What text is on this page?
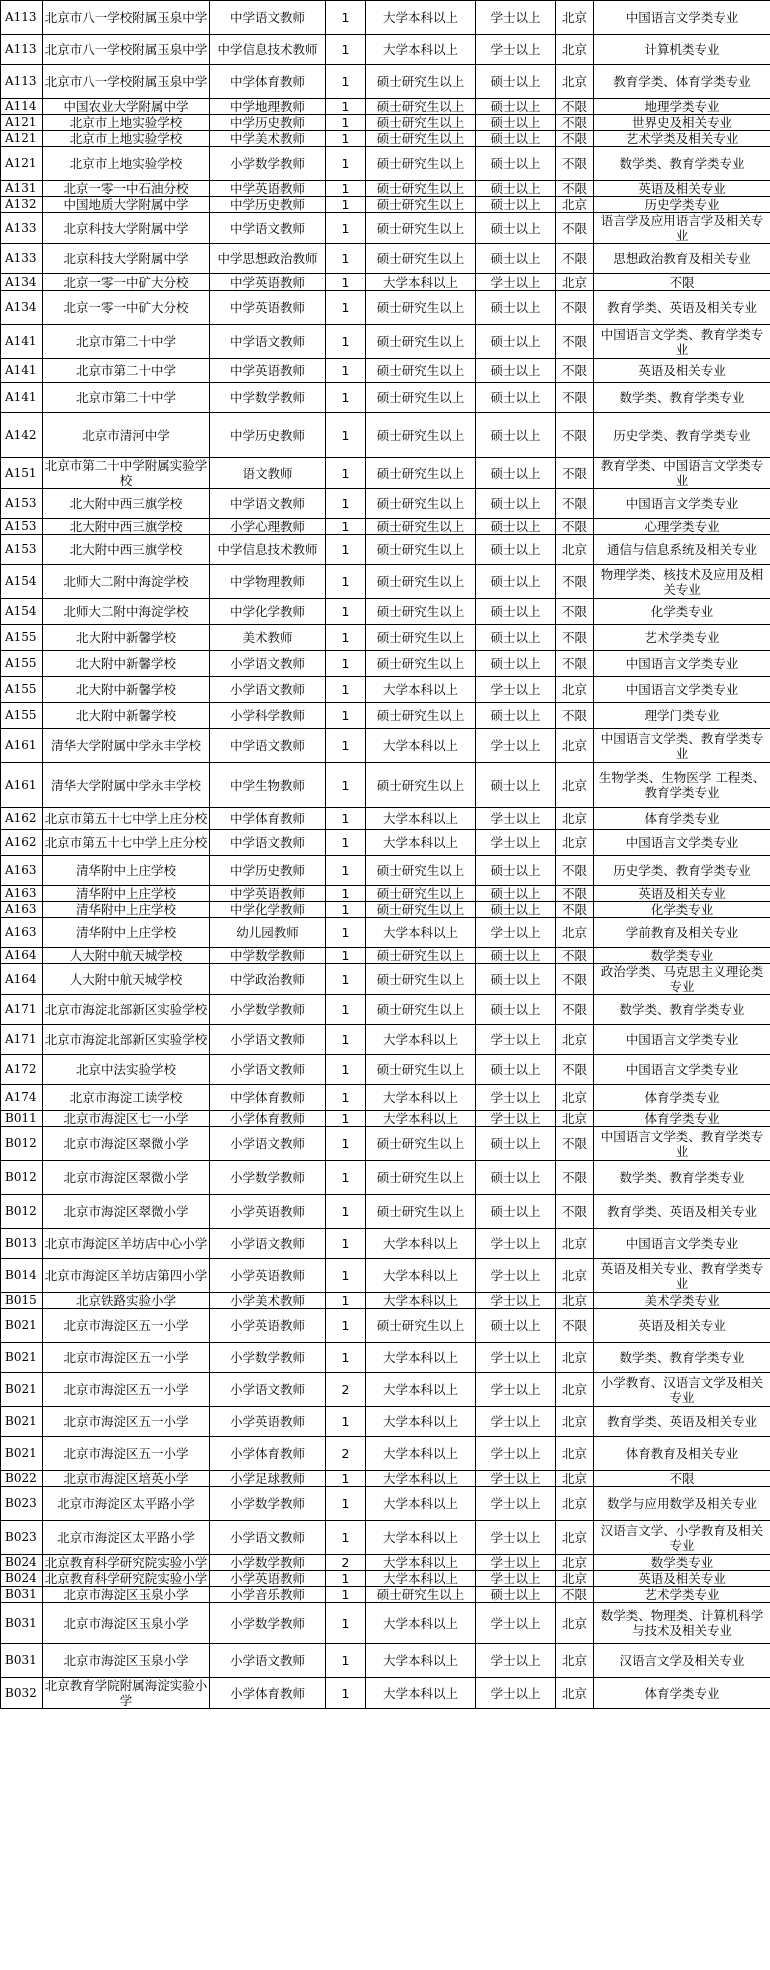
A113	北京市八一学校附属玉泉中学	中学语文教师	1	大学本科以上	学士以上	北京	中国语言文学类专业
A113	北京市八一学校附属玉泉中学	中学信息技术教师	1	大学本科以上	学士以上	北京	计算机类专业
A113	北京市八一学校附属玉泉中学	中学体育教师	1	硕士研究生以上	硕士以上	北京	教育学类、体育学类专业
A114	中国农业大学附属中学	中学地理教师	1	硕士研究生以上	硕士以上	不限	地理学类专业
A121	北京市上地实验学校	中学历史教师	1	硕士研究生以上	硕士以上	不限	世界史及相关专业
A121	北京市上地实验学校	中学美术教师	1	硕士研究生以上	硕士以上	不限	艺术学类及相关专业
A121	北京市上地实验学校	小学数学教师	1	硕士研究生以上	硕士以上	不限	数学类、教育学类专业
A131	北京一零一中石油分校	中学英语教师	1	硕士研究生以上	硕士以上	不限	英语及相关专业
A132	中国地质大学附属中学	中学历史教师	1	硕士研究生以上	硕士以上	北京	历史学类专业
A133	北京科技大学附属中学	中学语文教师	1	硕士研究生以上	硕士以上	不限	语言学及应用语言学及相关专业
A133	北京科技大学附属中学	中学思想政治教师	1	硕士研究生以上	硕士以上	不限	思想政治教育及相关专业
A134	北京一零一中矿大分校	中学英语教师	1	大学本科以上	学士以上	北京	不限
A134	北京一零一中矿大分校	中学英语教师	1	硕士研究生以上	硕士以上	不限	教育学类、英语及相关专业
A141	北京市第二十中学	中学语文教师	1	硕士研究生以上	硕士以上	不限	中国语言文学类、教育学类专业
A141	北京市第二十中学	中学英语教师	1	硕士研究生以上	硕士以上	不限	英语及相关专业
A141	北京市第二十中学	中学数学教师	1	硕士研究生以上	硕士以上	不限	数学类、教育学类专业
A142	北京市清河中学	中学历史教师	1	硕士研究生以上	硕士以上	不限	历史学类、教育学类专业
A151	北京市第二十中学附属实验学校	语文教师	1	硕士研究生以上	硕士以上	不限	教育学类、中国语言文学类专业
A153	北大附中西三旗学校	中学语文教师	1	硕士研究生以上	硕士以上	不限	中国语言文学类专业
A153	北大附中西三旗学校	小学心理教师	1	硕士研究生以上	硕士以上	不限	心理学类专业
A153	北大附中西三旗学校	中学信息技术教师	1	硕士研究生以上	硕士以上	北京	通信与信息系统及相关专业
A154	北师大二附中海淀学校	中学物理教师	1	硕士研究生以上	硕士以上	不限	物理学类、核技术及应用及相关专业
A154	北师大二附中海淀学校	中学化学教师	1	硕士研究生以上	硕士以上	不限	化学类专业
A155	北大附中新馨学校	美术教师	1	硕士研究生以上	硕士以上	不限	艺术学类专业
A155	北大附中新馨学校	小学语文教师	1	硕士研究生以上	硕士以上	不限	中国语言文学类专业
A155	北大附中新馨学校	小学语文教师	1	大学本科以上	学士以上	北京	中国语言文学类专业
A155	北大附中新馨学校	小学科学教师	1	硕士研究生以上	硕士以上	不限	理学门类专业
A161	清华大学附属中学永丰学校	中学语文教师	1	大学本科以上	学士以上	北京	中国语言文学类、教育学类专业
A161	清华大学附属中学永丰学校	中学生物教师	1	硕士研究生以上	硕士以上	北京	生物学类、生物医学 工程类、教育学类专业
A162	北京市第五十七中学上庄分校	中学体育教师	1	大学本科以上	学士以上	北京	体育学类专业
A162	北京市第五十七中学上庄分校	中学语文教师	1	大学本科以上	学士以上	北京	中国语言文学类专业
A163	清华附中上庄学校	中学历史教师	1	硕士研究生以上	硕士以上	不限	历史学类、教育学类专业
A163	清华附中上庄学校	中学英语教师	1	硕士研究生以上	硕士以上	不限	英语及相关专业
A163	清华附中上庄学校	中学化学教师	1	硕士研究生以上	硕士以上	不限	化学类专业
A163	清华附中上庄学校	幼儿园教师	1	大学本科以上	学士以上	北京	学前教育及相关专业
A164	人大附中航天城学校	中学数学教师	1	硕士研究生以上	硕士以上	不限	数学类专业
A164	人大附中航天城学校	中学政治教师	1	硕士研究生以上	硕士以上	不限	政治学类、马克思主义理论类专业
A171	北京市海淀北部新区实验学校	小学数学教师	1	硕士研究生以上	硕士以上	不限	数学类、教育学类专业
A171	北京市海淀北部新区实验学校	小学语文教师	1	大学本科以上	学士以上	北京	中国语言文学类专业
A172	北京中法实验学校	小学语文教师	1	硕士研究生以上	硕士以上	不限	中国语言文学类专业
A174	北京市海淀工读学校	中学体育教师	1	大学本科以上	学士以上	北京	体育学类专业
B011	北京市海淀区七一小学	小学体育教师	1	大学本科以上	学士以上	北京	体育学类专业
B012	北京市海淀区翠微小学	小学语文教师	1	硕士研究生以上	硕士以上	不限	中国语言文学类、教育学类专业
B012	北京市海淀区翠微小学	小学数学教师	1	硕士研究生以上	硕士以上	不限	数学类、教育学类专业
B012	北京市海淀区翠微小学	小学英语教师	1	硕士研究生以上	硕士以上	不限	教育学类、英语及相关专业
B013	北京市海淀区羊坊店中心小学	小学语文教师	1	大学本科以上	学士以上	北京	中国语言文学类专业
B014	北京市海淀区羊坊店第四小学	小学英语教师	1	大学本科以上	学士以上	北京	英语及相关专业、教育学类专业
B015	北京铁路实验小学	小学美术教师	1	大学本科以上	学士以上	北京	美术学类专业
B021	北京市海淀区五一小学	小学英语教师	1	硕士研究生以上	硕士以上	不限	英语及相关专业
B021	北京市海淀区五一小学	小学数学教师	1	大学本科以上	学士以上	北京	数学类、教育学类专业
B021	北京市海淀区五一小学	小学语文教师	2	大学本科以上	学士以上	北京	小学教育、汉语言文学及相关专业
B021	北京市海淀区五一小学	小学英语教师	1	大学本科以上	学士以上	北京	教育学类、英语及相关专业
B021	北京市海淀区五一小学	小学体育教师	2	大学本科以上	学士以上	北京	体育教育及相关专业
B022	北京市海淀区培英小学	小学足球教师	1	大学本科以上	学士以上	北京	不限
B023	北京市海淀区太平路小学	小学数学教师	1	大学本科以上	学士以上	北京	数学与应用数学及相关专业
B023	北京市海淀区太平路小学	小学语文教师	1	大学本科以上	学士以上	北京	汉语言文学、小学教育及相关专业
B024	北京教育科学研究院实验小学	小学数学教师	2	大学本科以上	学士以上	北京	数学类专业
B024	北京教育科学研究院实验小学	小学英语教师	1	大学本科以上	学士以上	北京	英语及相关专业
B031	北京市海淀区玉泉小学	小学音乐教师	1	硕士研究生以上	硕士以上	不限	艺术学类专业
B031	北京市海淀区玉泉小学	小学数学教师	1	大学本科以上	学士以上	北京	数学类、物理类、计算机科学与技术及相关专业
B031	北京市海淀区玉泉小学	小学语文教师	1	大学本科以上	学士以上	北京	汉语言文学及相关专业
B032	北京教育学院附属海淀实验小学	小学体育教师	1	大学本科以上	学士以上	北京	体育学类专业
